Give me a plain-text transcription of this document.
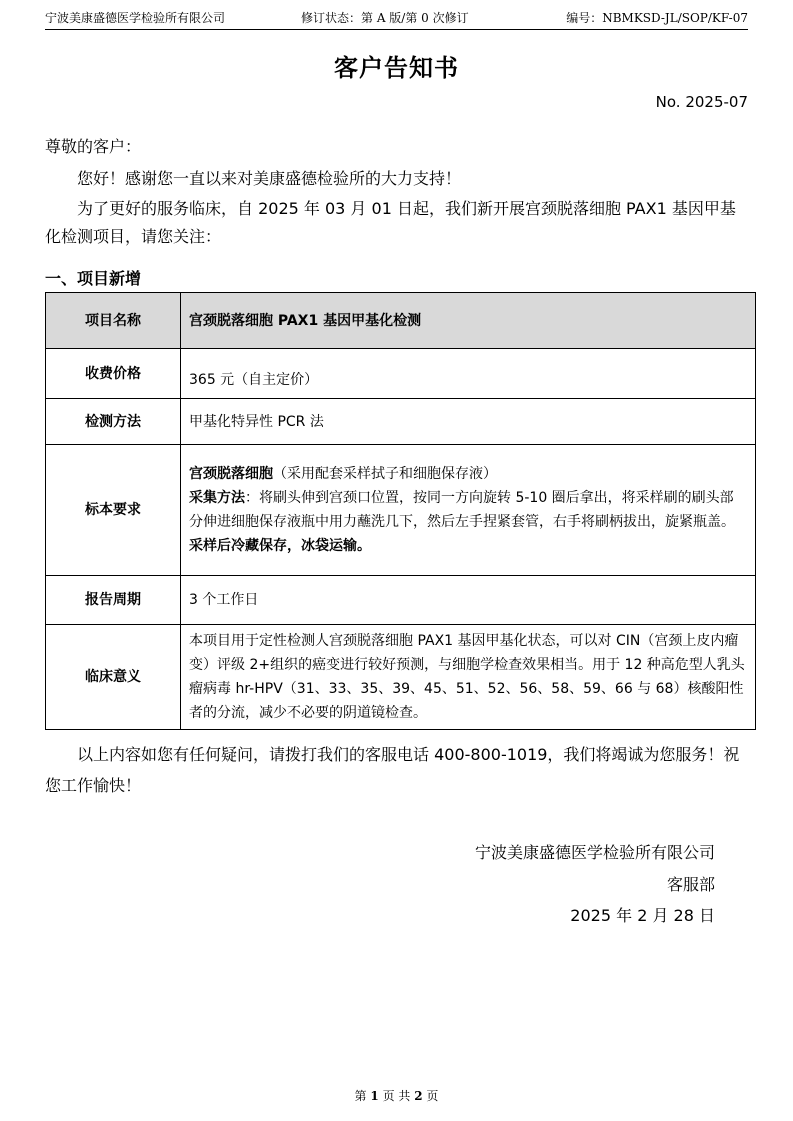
宁波美康盛德医学检验所有限公司	修订状态：第 A 版/第 0 次修订	编号：NBMKSD-JL/SOP/KF-07
客户告知书
No. 2025-07
尊敬的客户：
您好！感谢您一直以来对美康盛德检验所的大力支持！
为了更好的服务临床，自 2025 年 03 月 01 日起，我们新开展宫颈脱落细胞 PAX1 基因甲基化检测项目，请您关注：
一、项目新增
项目名称	宫颈脱落细胞 PAX1 基因甲基化检测
收费价格	365 元（自主定价）
检测方法	甲基化特异性 PCR 法
标本要求	宫颈脱落细胞（采用配套采样拭子和细胞保存液）
采集方法：将刷头伸到宫颈口位置，按同一方向旋转 5-10 圈后拿出，将采样刷的刷头部分伸进细胞保存液瓶中用力蘸洗几下，然后左手捏紧套管，右手将刷柄拔出，旋紧瓶盖。
采样后冷藏保存，冰袋运输。

报告周期	3 个工作日
临床意义	本项目用于定性检测人宫颈脱落细胞 PAX1 基因甲基化状态，可以对 CIN（宫颈上皮内瘤变）评级 2+组织的癌变进行较好预测，与细胞学检查效果相当。用于 12 种高危型人乳头瘤病毒 hr-HPV（31、33、35、39、45、51、52、56、58、59、66 与 68）核酸阳性者的分流，减少不必要的阴道镜检查。
以上内容如您有任何疑问，请拨打我们的客服电话 400-800-1019，我们将竭诚为您服务！祝您工作愉快！
宁波美康盛德医学检验所有限公司
客服部
2025 年 2 月 28 日
第 1 页 共 2 页
